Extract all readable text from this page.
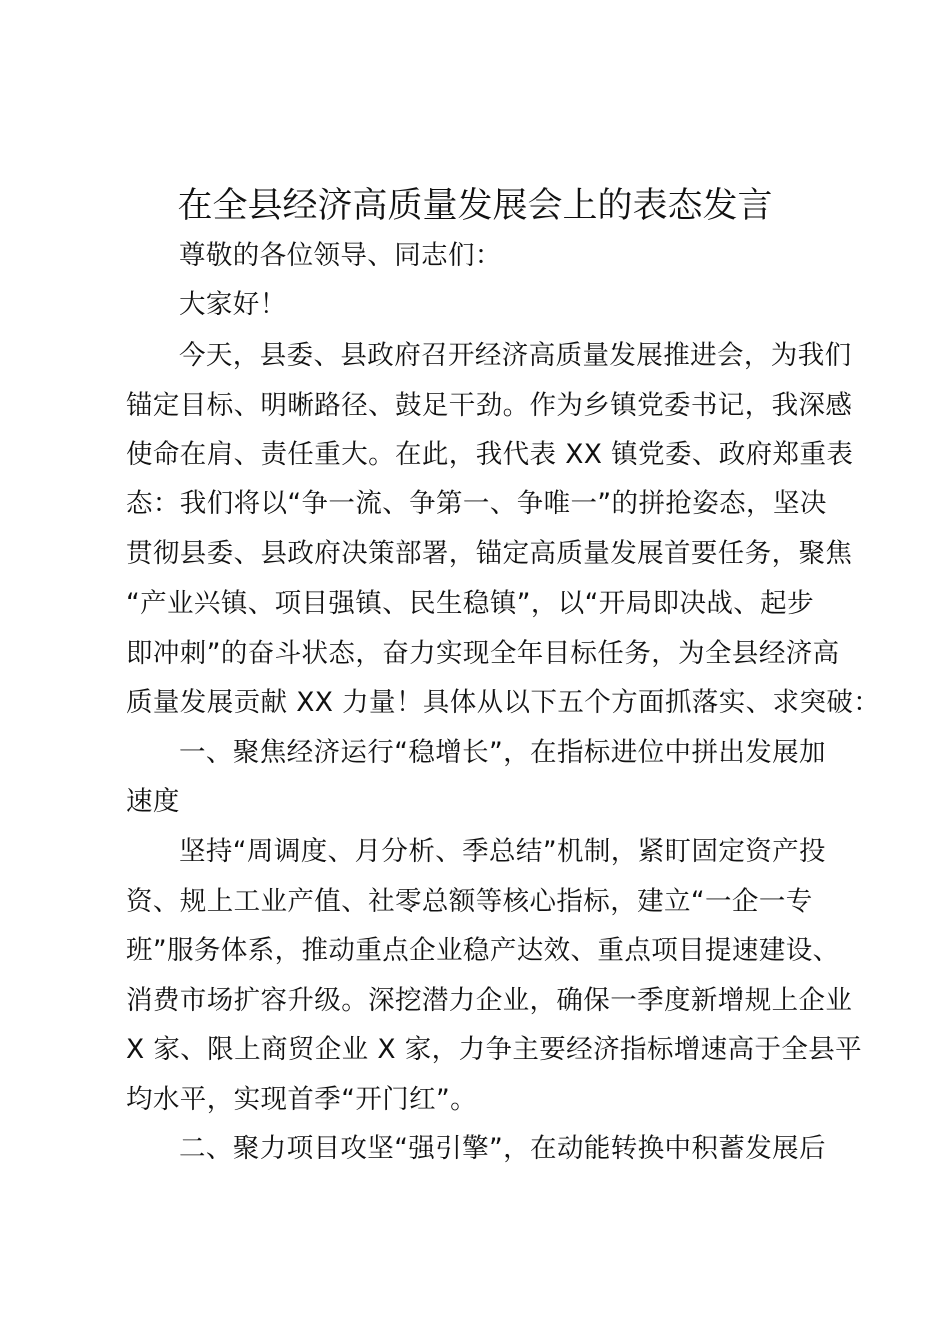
在全县经济高质量发展会上的表态发言
尊敬的各位领导、同志们：
大家好！
今天，县委、县政府召开经济高质量发展推进会，为我们
锚定目标、明晰路径、鼓足干劲。作为乡镇党委书记，我深感
使命在肩、责任重大。在此，我代表 XX 镇党委、政府郑重表
态：我们将以“争一流、争第一、争唯一”的拼抢姿态，坚决
贯彻县委、县政府决策部署，锚定高质量发展首要任务，聚焦
“产业兴镇、项目强镇、民生稳镇”，以“开局即决战、起步
即冲刺”的奋斗状态，奋力实现全年目标任务，为全县经济高
质量发展贡献 XX 力量！具体从以下五个方面抓落实、求突破：
一、聚焦经济运行“稳增长”，在指标进位中拼出发展加
速度
坚持“周调度、月分析、季总结”机制，紧盯固定资产投
资、规上工业产值、社零总额等核心指标，建立“一企一专
班”服务体系，推动重点企业稳产达效、重点项目提速建设、
消费市场扩容升级。深挖潜力企业，确保一季度新增规上企业
X 家、限上商贸企业 X 家，力争主要经济指标增速高于全县平
均水平，实现首季“开门红”。
二、聚力项目攻坚“强引擎”，在动能转换中积蓄发展后
